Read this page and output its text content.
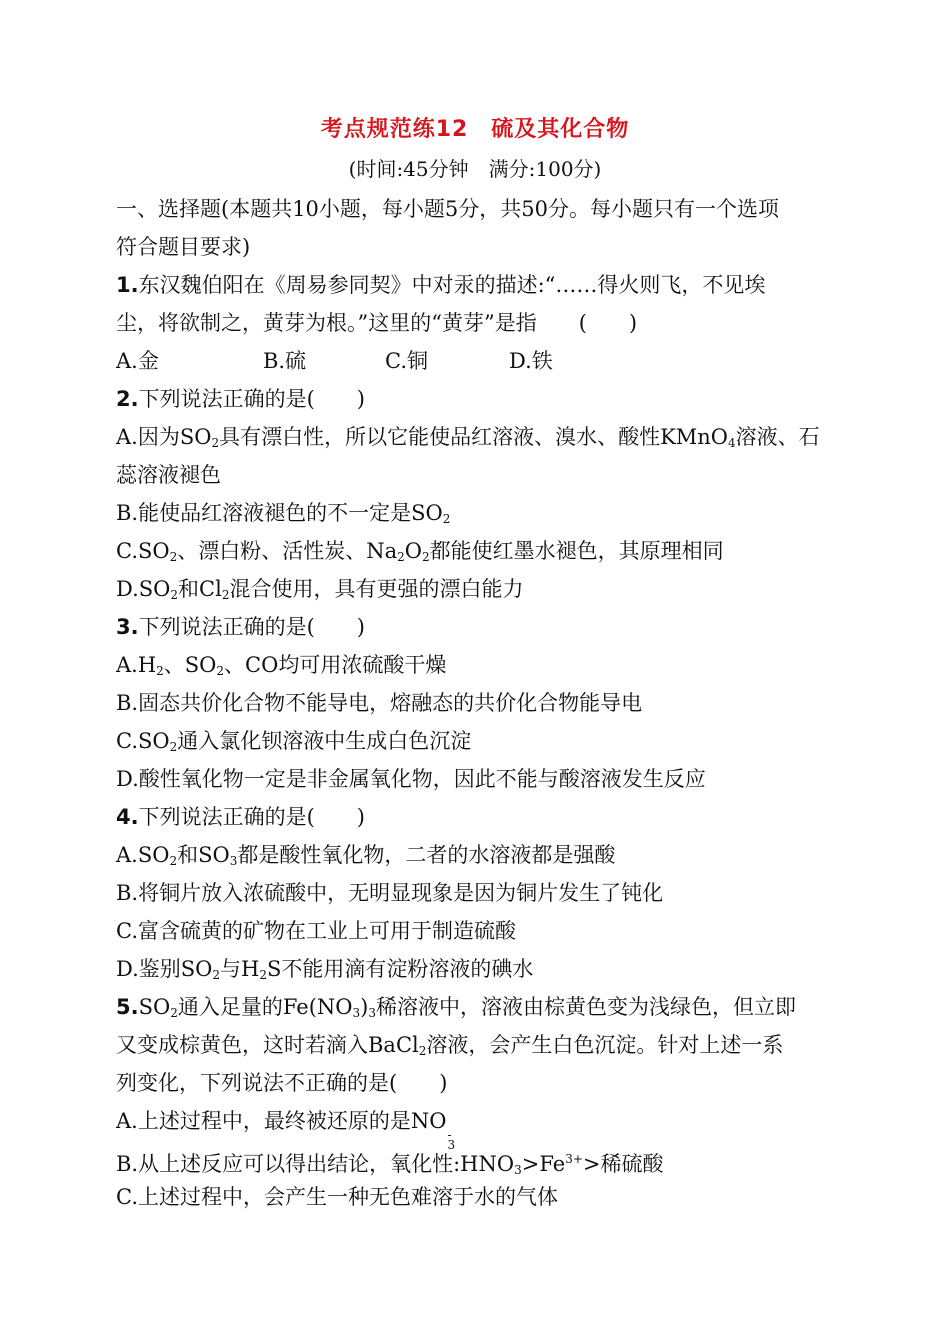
考点规范练12　硫及其化合物
(时间:45分钟　满分:100分)
一、选择题(本题共10小题，每小题5分，共50分。每小题只有一个选项
符合题目要求)
1.东汉魏伯阳在《周易参同契》中对汞的描述:“……得火则飞，不见埃
尘，将欲制之，黄芽为根。”这里的“黄芽”是指　　(　　)
A.金	B.硫	C.铜	D.铁
2.下列说法正确的是(　　)
A.因为$SO_2$具有漂白性，所以它能使品红溶液、溴水、酸性KMnO$_4$溶液、石
蕊溶液褪色
B.能使品红溶液褪色的不一定是$SO_2$
$C.SO_2$、漂白粉、活性炭、$Na_2O_2$都能使红墨水褪色，其原理相同
$D.SO_2$和$Cl_2$混合使用，具有更强的漂白能力
3.下列说法正确的是(　　)
$A.H_2$、$SO_2$、CO均可用浓硫酸干燥
B.固态共价化合物不能导电，熔融态的共价化合物能导电
$C.SO_2$通入氯化钡溶液中生成白色沉淀
D.酸性氧化物一定是非金属氧化物，因此不能与酸溶液发生反应
4.下列说法正确的是(　　)
$A.SO_2$和$SO_3$都是酸性氧化物，二者的水溶液都是强酸
B.将铜片放入浓硫酸中，无明显现象是因为铜片发生了钝化
C.富含硫黄的矿物在工业上可用于制造硫酸
D.鉴别$SO_2$与$H_2S$不能用滴有淀粉溶液的碘水
$5.SO_2$通入足量的$Fe(NO_3)_3$稀溶液中，溶液由棕黄色变为浅绿色，但立即
又变成棕黄色，这时若滴入BaCl$_2$溶液，会产生白色沉淀。针对上述一系
列变化，下列说法不正确的是(　　)
A.上述过程中，最终被还原的是NO
-
3
B.从上述反应可以得出结论，氧化性$:HNO_3>Fe^{3+}>$稀硫酸
C.上述过程中，会产生一种无色难溶于水的气体
